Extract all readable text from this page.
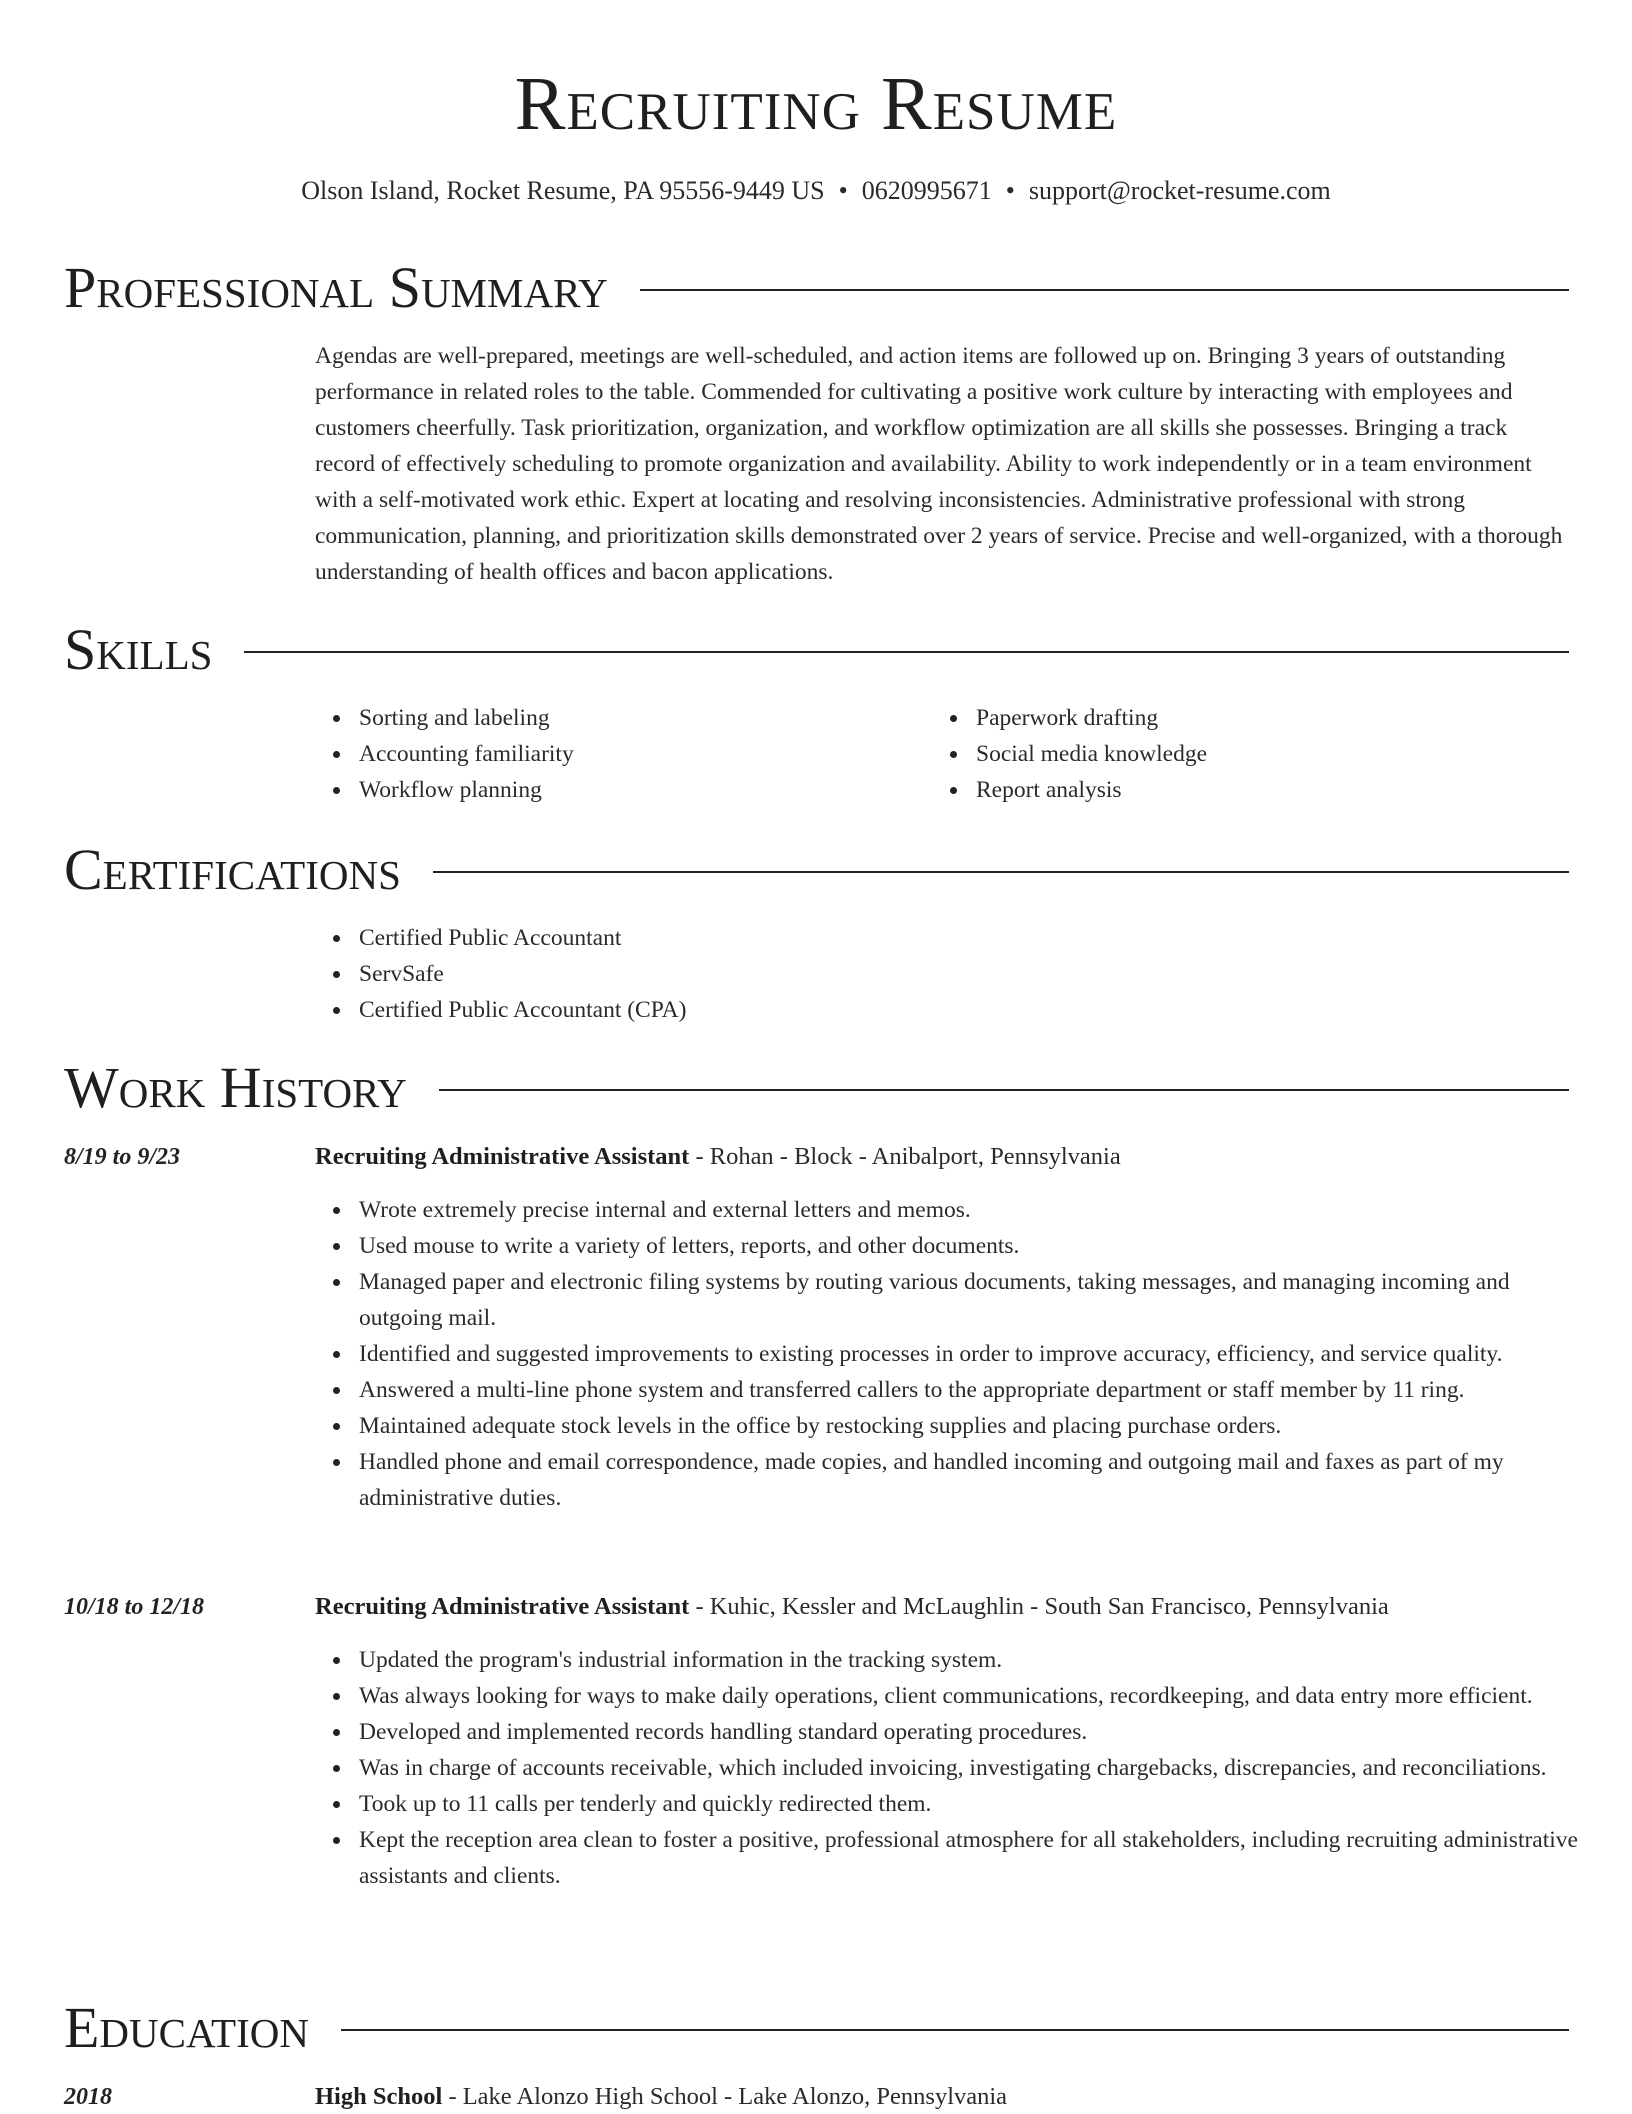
Recruiting Resume
Olson Island, Rocket Resume, PA 95556-9449 US • 0620995671 • support@rocket-resume.com
Professional Summary

Agendas are well-prepared, meetings are well-scheduled, and action items are followed up on. Bringing 3 years of outstanding performance in related roles to the table. Commended for cultivating a positive work culture by interacting with employees and customers cheerfully. Task prioritization, organization, and workflow optimization are all skills she possesses. Bringing a track record of effectively scheduling to promote organization and availability. Ability to work independently or in a team environment with a self-motivated work ethic. Expert at locating and resolving inconsistencies. Administrative professional with strong communication, planning, and prioritization skills demonstrated over 2 years of service. Precise and well-organized, with a thorough understanding of health offices and bacon applications.

Skills
Sorting and labeling
Accounting familiarity
Workflow planning
Paperwork drafting
Social media knowledge
Report analysis
Certifications
Certified Public Accountant
ServSafe
Certified Public Accountant (CPA)
Work History
8/19 to 9/23	Recruiting Administrative Assistant - Rohan - Block - Anibalport, Pennsylvania
Wrote extremely precise internal and external letters and memos.
Used mouse to write a variety of letters, reports, and other documents.
Managed paper and electronic filing systems by routing various documents, taking messages, and managing incoming and outgoing mail.
Identified and suggested improvements to existing processes in order to improve accuracy, efficiency, and service quality.
Answered a multi-line phone system and transferred callers to the appropriate department or staff member by 11 ring.
Maintained adequate stock levels in the office by restocking supplies and placing purchase orders.
Handled phone and email correspondence, made copies, and handled incoming and outgoing mail and faxes as part of my administrative duties.
10/18 to 12/18	Recruiting Administrative Assistant - Kuhic, Kessler and McLaughlin - South San Francisco, Pennsylvania
Updated the program's industrial information in the tracking system.
Was always looking for ways to make daily operations, client communications, recordkeeping, and data entry more efficient.
Developed and implemented records handling standard operating procedures.
Was in charge of accounts receivable, which included invoicing, investigating chargebacks, discrepancies, and reconciliations.
Took up to 11 calls per tenderly and quickly redirected them.
Kept the reception area clean to foster a positive, professional atmosphere for all stakeholders, including recruiting administrative assistants and clients.
Education
2018	High School - Lake Alonzo High School - Lake Alonzo, Pennsylvania
